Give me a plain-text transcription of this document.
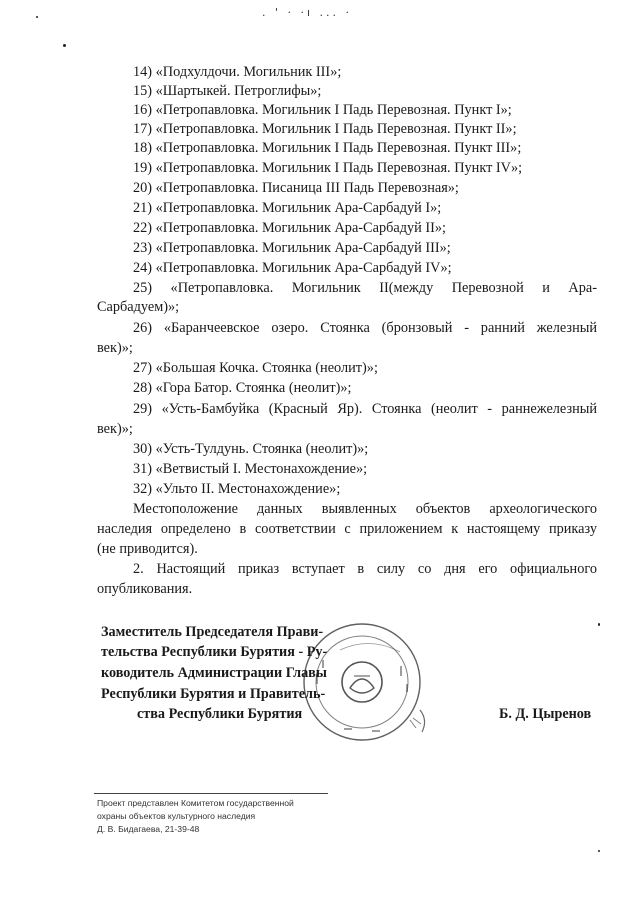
. ' · ·ı ... ·
14) «Подхулдочи. Могильник III»;
15) «Шартыкей. Петроглифы»;
16) «Петропавловка. Могильник I Падь Перевозная. Пункт I»;
17) «Петропавловка. Могильник I Падь Перевозная. Пункт II»;
18) «Петропавловка. Могильник I Падь Перевозная. Пункт III»;
19) «Петропавловка. Могильник I Падь Перевозная. Пункт IV»;
20) «Петропавловка. Писаница III Падь Перевозная»;
21) «Петропавловка. Могильник Ара-Сарбадуй I»;
22) «Петропавловка. Могильник Ара-Сарбадуй II»;
23) «Петропавловка. Могильник Ара-Сарбадуй III»;
24) «Петропавловка. Могильник Ара-Сарбадуй IV»;
25) «Петропавловка. Могильник II(между Перевозной и Ара-
Сарбадуем)»;
26) «Баранчеевское озеро. Стоянка (бронзовый - ранний железный
век)»;
27) «Большая Кочка. Стоянка (неолит)»;
28) «Гора Батор. Стоянка (неолит)»;
29) «Усть-Бамбуйка (Красный Яр). Стоянка (неолит - раннежелезный
век)»;
30) «Усть-Тулдунь. Стоянка (неолит)»;
31) «Ветвистый I. Местонахождение»;
32) «Ульто II. Местонахождение»;
Местоположение данных выявленных объектов археологического
наследия определено в соответствии с приложением к настоящему приказу
(не приводится).
2. Настоящий приказ вступает в силу со дня его официального
опубликования.
Заместитель Председателя Прави-
тельства Республики Бурятия - Ру-
ководитель Администрации Главы
Республики Бурятия и Правитель-
ства Республики Бурятия	Б. Д. Цыренов
Проект представлен Комитетом государственной
охраны объектов культурного наследия
Д. В. Бидагаева, 21-39-48
